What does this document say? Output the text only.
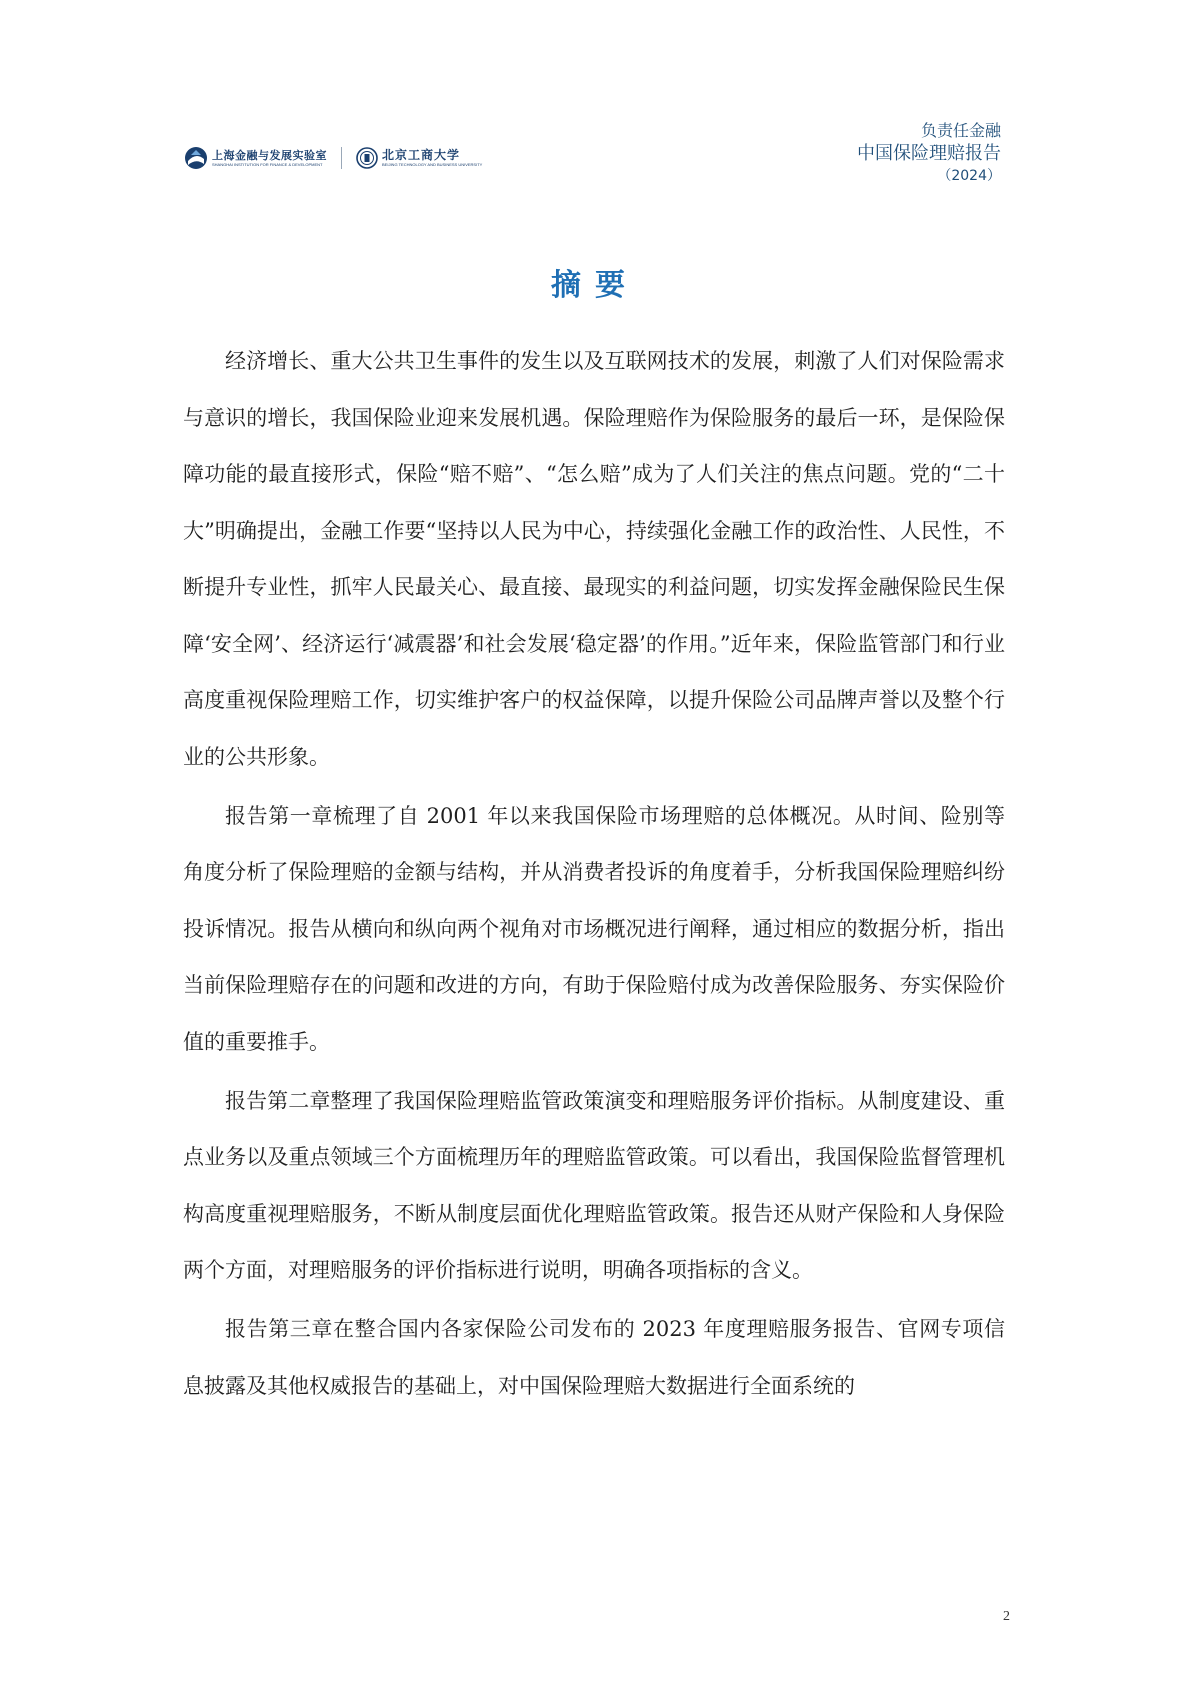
上海金融与发展实验室
SHANGHAI INSTITUTION FOR FINANCE & DEVELOPMENT
北京工商大学
BEIJING TECHNOLOGY AND BUSINESS UNIVERSITY
负责任金融
中国保险理赔报告
（2024）
摘要

经济增长、重大公共卫生事件的发生以及互联网技术的发展，刺激了人们对保险需求与意识的增长，我国保险业迎来发展机遇。保险理赔作为保险服务的最后一环，是保险保障功能的最直接形式，保险“赔不赔”、“怎么赔”成为了人们关注的焦点问题。党的“二十大”明确提出，金融工作要“坚持以人民为中心，持续强化金融工作的政治性、人民性，不断提升专业性，抓牢人民最关心、最直接、最现实的利益问题，切实发挥金融保险民生保障‘安全网’、经济运行‘减震器’和社会发展‘稳定器’的作用。”近年来，保险监管部门和行业高度重视保险理赔工作，切实维护客户的权益保障，以提升保险公司品牌声誉以及整个行业的公共形象。

报告第一章梳理了自 2001 年以来我国保险市场理赔的总体概况。从时间、险别等角度分析了保险理赔的金额与结构，并从消费者投诉的角度着手，分析我国保险理赔纠纷投诉情况。报告从横向和纵向两个视角对市场概况进行阐释，通过相应的数据分析，指出当前保险理赔存在的问题和改进的方向，有助于保险赔付成为改善保险服务、夯实保险价值的重要推手。

报告第二章整理了我国保险理赔监管政策演变和理赔服务评价指标。从制度建设、重点业务以及重点领域三个方面梳理历年的理赔监管政策。可以看出，我国保险监督管理机构高度重视理赔服务，不断从制度层面优化理赔监管政策。报告还从财产保险和人身保险两个方面，对理赔服务的评价指标进行说明，明确各项指标的含义。

报告第三章在整合国内各家保险公司发布的 2023 年度理赔服务报告、官网专项信息披露及其他权威报告的基础上，对中国保险理赔大数据进行全面系统的

2
